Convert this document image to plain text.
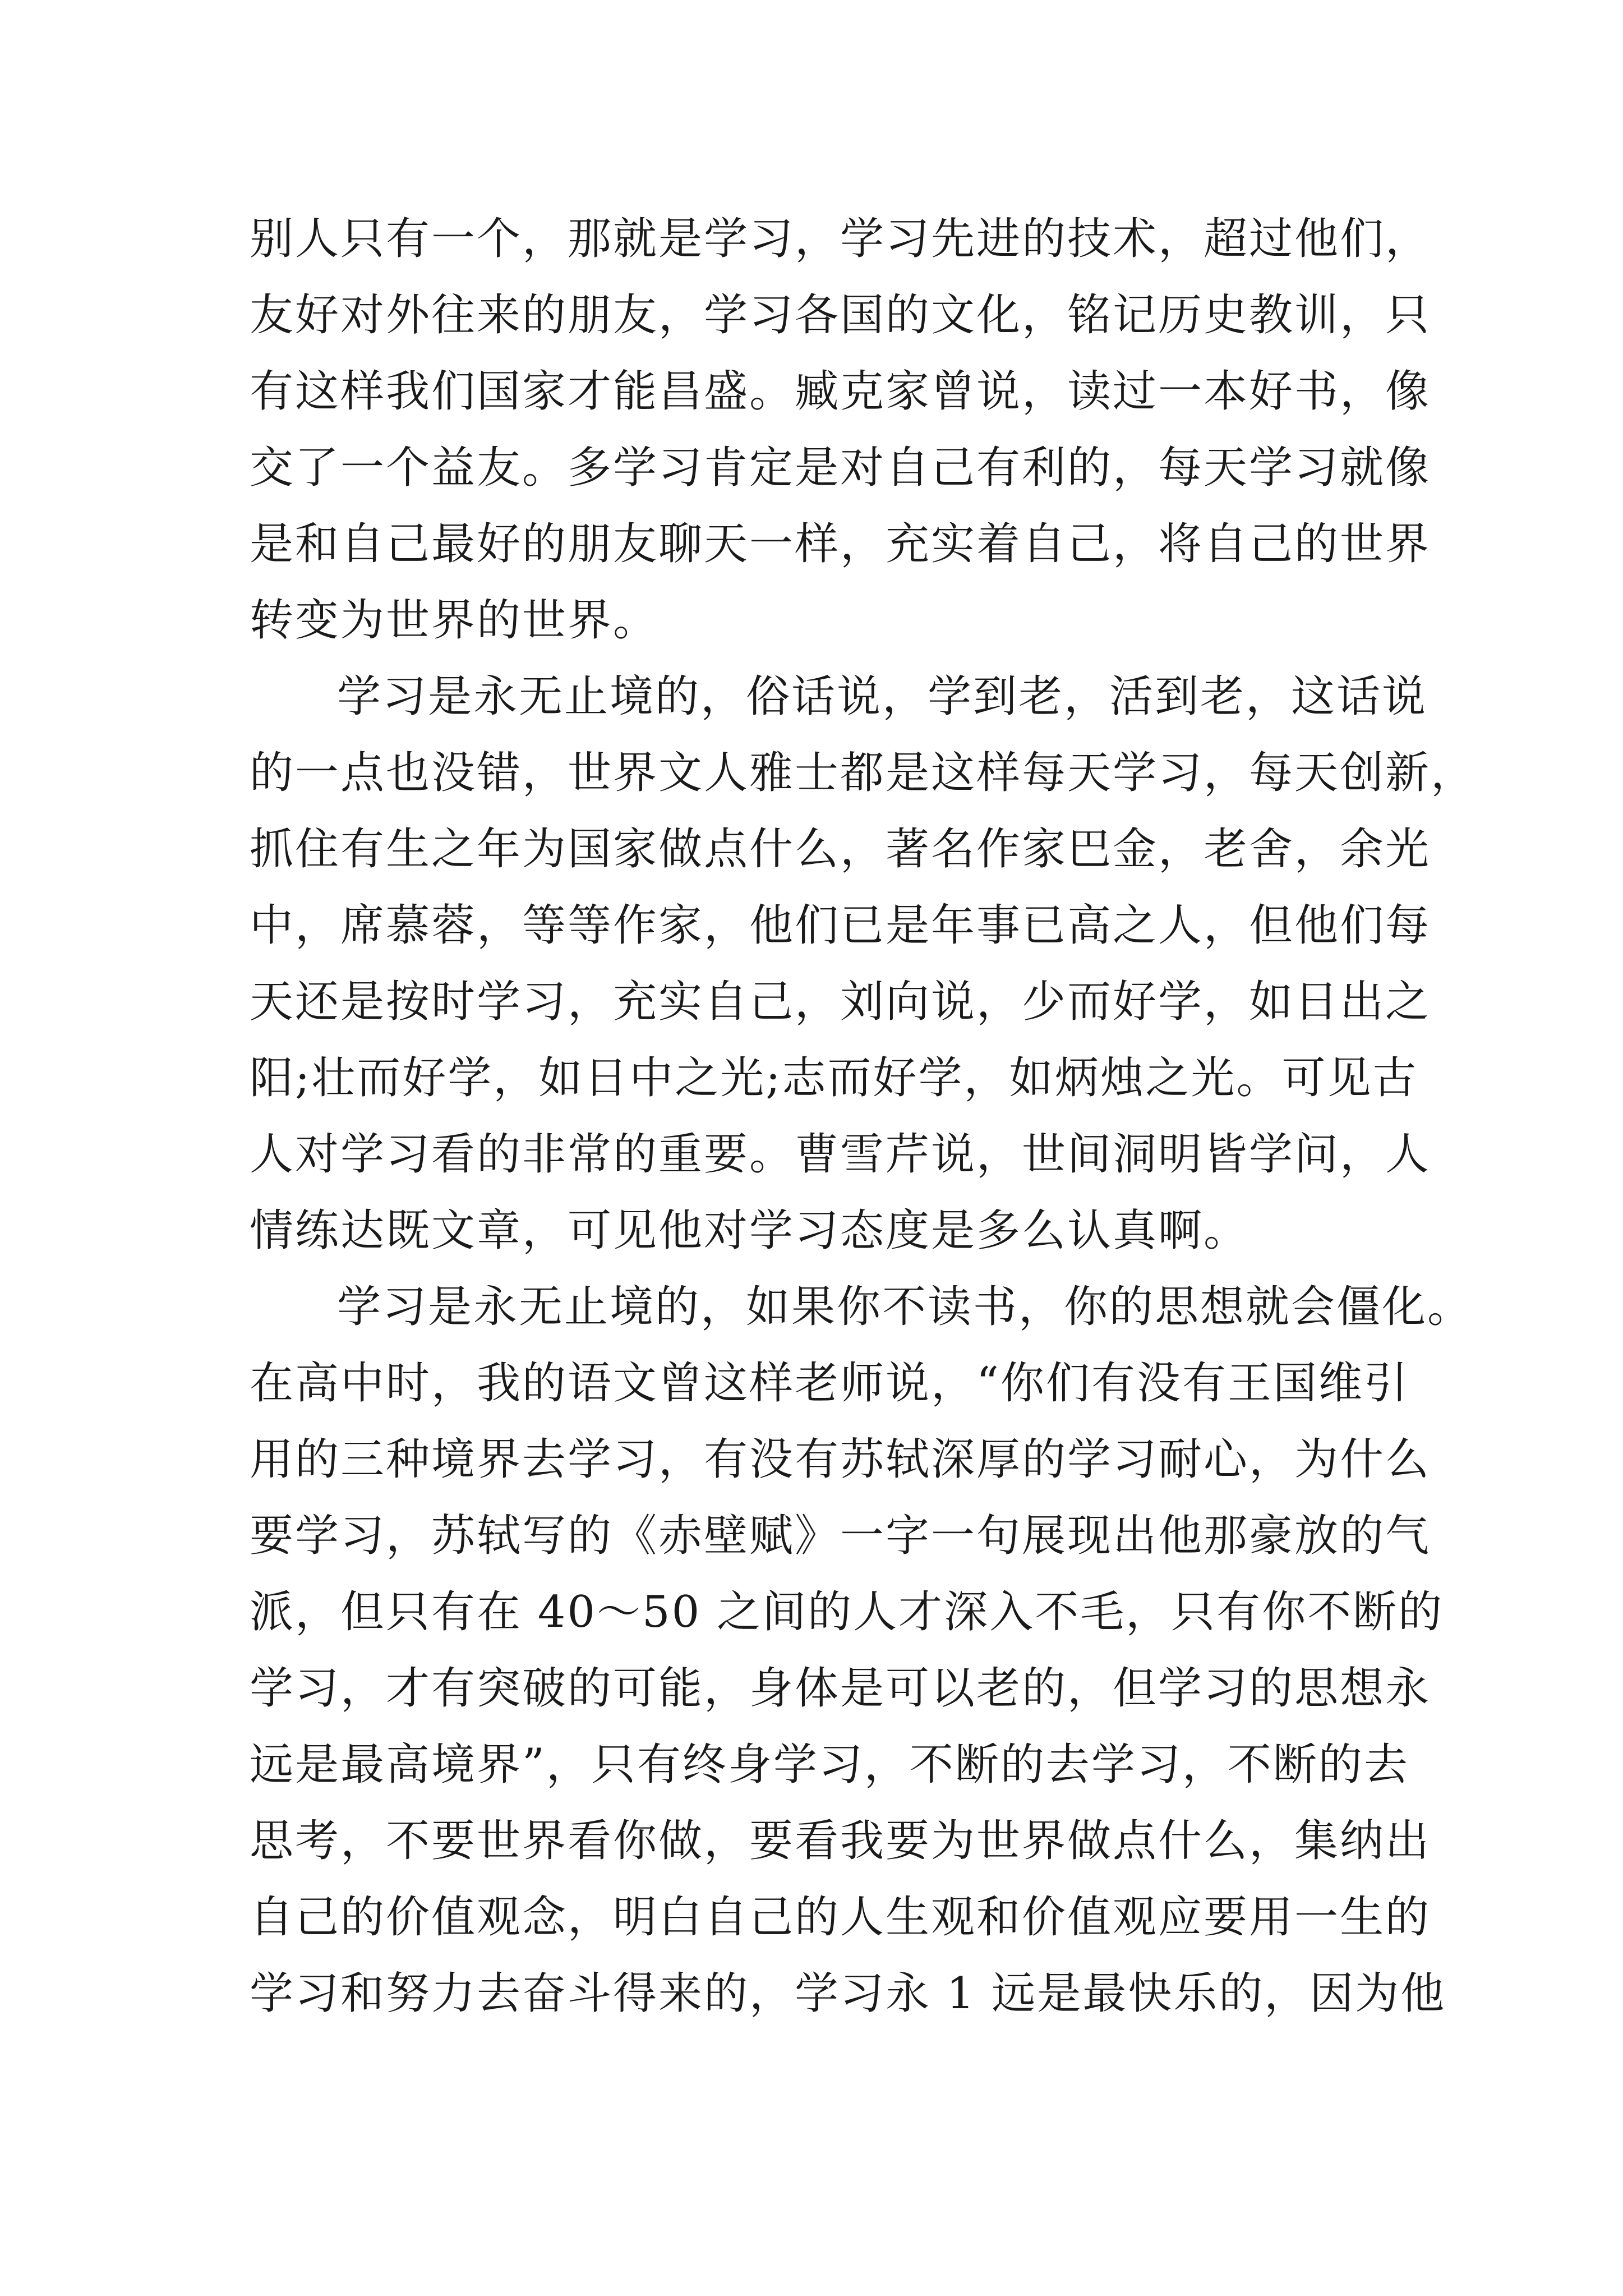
别人只有一个，那就是学习，学习先进的技术，超过他们，
友好对外往来的朋友，学习各国的文化，铭记历史教训，只
有这样我们国家才能昌盛。臧克家曾说，读过一本好书，像
交了一个益友。多学习肯定是对自己有利的，每天学习就像
是和自己最好的朋友聊天一样，充实着自己，将自己的世界
转变为世界的世界。
学习是永无止境的，俗话说，学到老，活到老，这话说
的一点也没错，世界文人雅士都是这样每天学习，每天创新，
抓住有生之年为国家做点什么，著名作家巴金，老舍，余光
中，席慕蓉，等等作家，他们已是年事已高之人，但他们每
天还是按时学习，充实自己，刘向说，少而好学，如日出之
阳;壮而好学，如日中之光;志而好学，如炳烛之光。可见古
人对学习看的非常的重要。曹雪芹说，世间洞明皆学问，人
情练达既文章，可见他对学习态度是多么认真啊。
学习是永无止境的，如果你不读书，你的思想就会僵化。
在高中时，我的语文曾这样老师说，“你们有没有王国维引
用的三种境界去学习，有没有苏轼深厚的学习耐心，为什么
要学习，苏轼写的《赤壁赋》一字一句展现出他那豪放的气
派，但只有在 40～50 之间的人才深入不毛，只有你不断的
学习，才有突破的可能，身体是可以老的，但学习的思想永
远是最高境界”，只有终身学习，不断的去学习，不断的去
思考，不要世界看你做，要看我要为世界做点什么，集纳出
自己的价值观念，明白自己的人生观和价值观应要用一生的
学习和努力去奋斗得来的，学习永 1 远是最快乐的，因为他
